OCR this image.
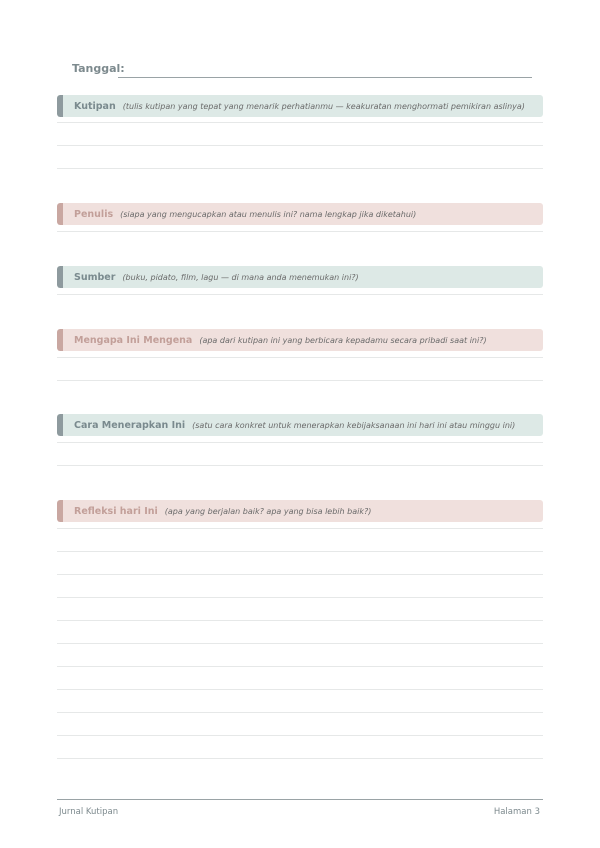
Tanggal:
Kutipan (tulis kutipan yang tepat yang menarik perhatianmu — keakuratan menghormati pemikiran aslinya)
Penulis (siapa yang mengucapkan atau menulis ini? nama lengkap jika diketahui)
Sumber (buku, pidato, film, lagu — di mana anda menemukan ini?)
Mengapa Ini Mengena (apa dari kutipan ini yang berbicara kepadamu secara pribadi saat ini?)
Cara Menerapkan Ini (satu cara konkret untuk menerapkan kebijaksanaan ini hari ini atau minggu ini)
Refleksi hari Ini (apa yang berjalan baik? apa yang bisa lebih baik?)
Jurnal Kutipan	Halaman 3
